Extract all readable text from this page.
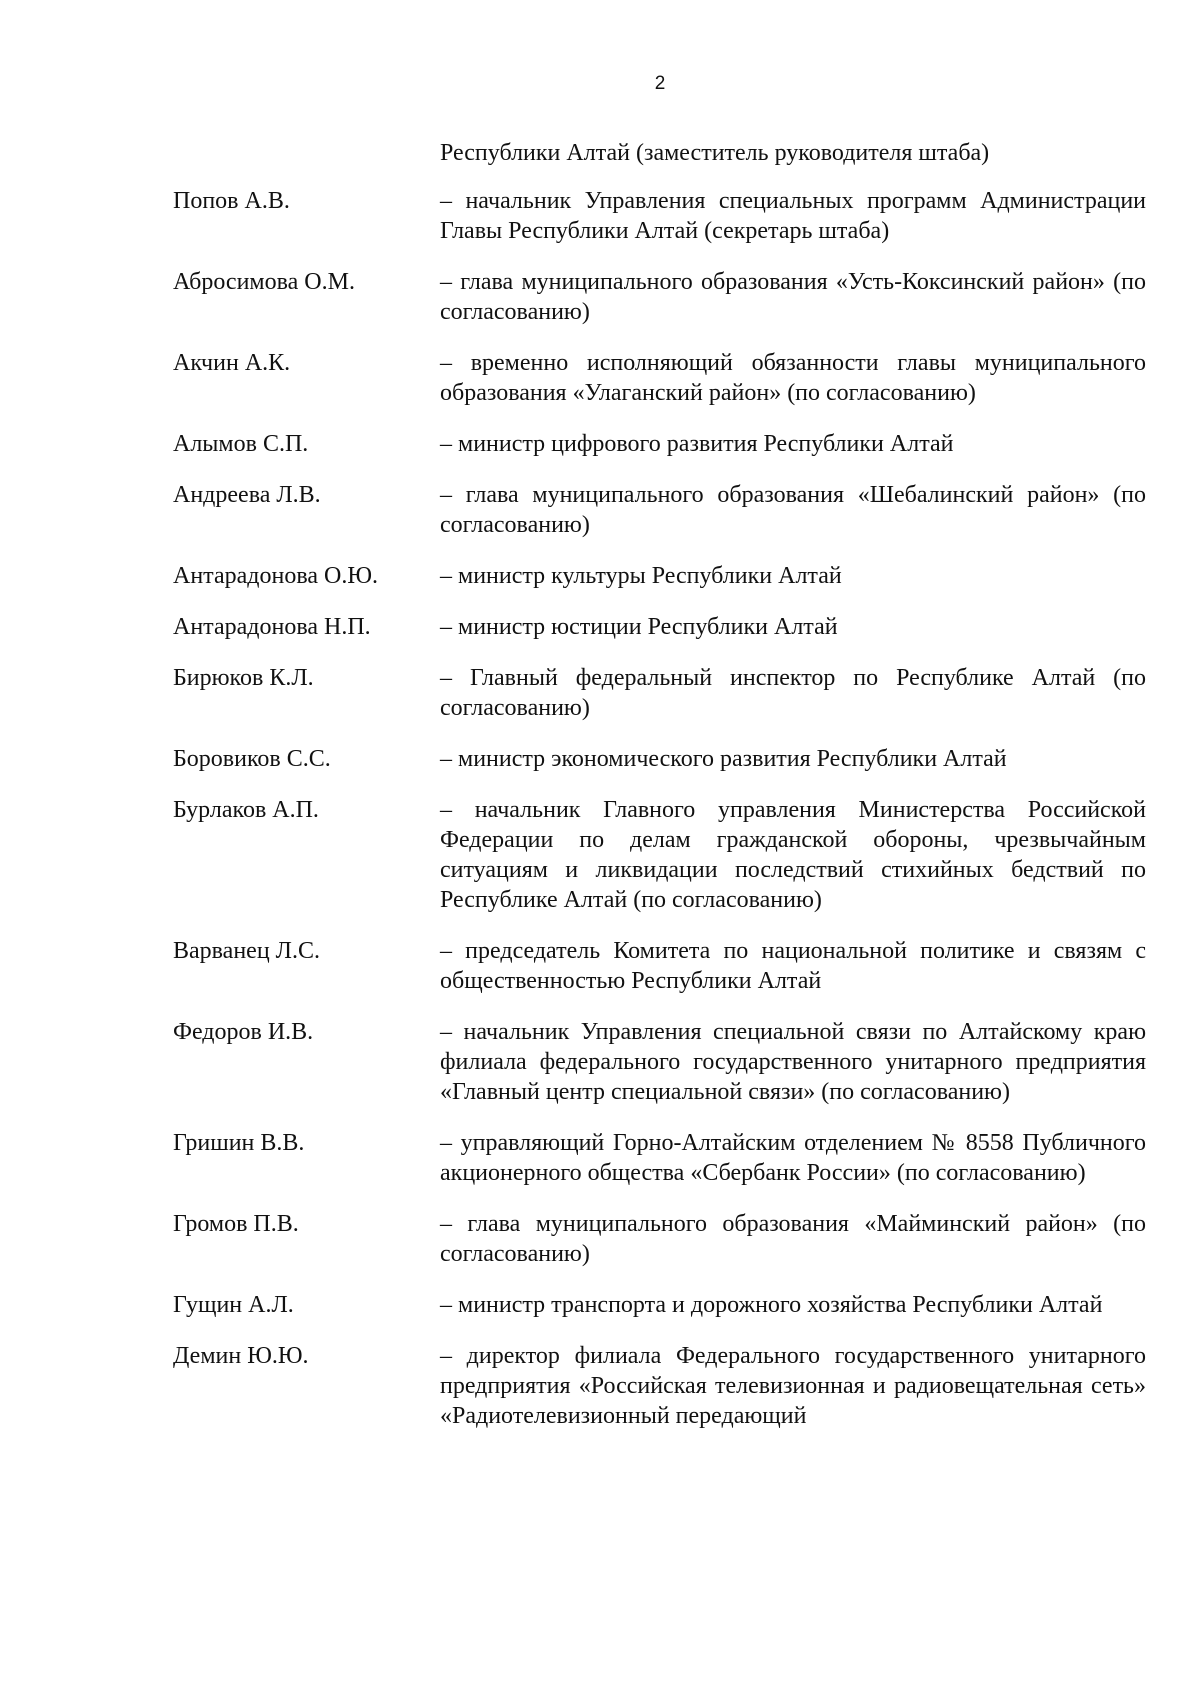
2
Республики Алтай (заместитель руководителя штаба)
Попов А.В.	– начальник Управления специальных программ Администрации Главы Республики Алтай (секретарь штаба)
Абросимова О.М.	– глава муниципального образования «Усть-Коксинский район» (по согласованию)
Акчин А.К.	– временно исполняющий обязанности главы муниципального образования «Улаганский район» (по согласованию)
Алымов С.П.	– министр цифрового развития Республики Алтай
Андреева Л.В.	– глава муниципального образования «Шебалинский район» (по согласованию)
Антарадонова О.Ю.	– министр культуры Республики Алтай
Антарадонова Н.П.	– министр юстиции Республики Алтай
Бирюков К.Л.	– Главный федеральный инспектор по Республике Алтай (по согласованию)
Боровиков С.С.	– министр экономического развития Республики Алтай
Бурлаков А.П.	– начальник Главного управления Министерства Российской Федерации по делам гражданской обороны, чрезвычайным ситуациям и ликвидации последствий стихийных бедствий по Республике Алтай (по согласованию)
Варванец Л.С.	– председатель Комитета по национальной политике и связям с общественностью Республики Алтай
Федоров И.В.	– начальник Управления специальной связи по Алтайскому краю филиала федерального государственного унитарного предприятия «Главный центр специальной связи» (по согласованию)
Гришин В.В.	– управляющий Горно-Алтайским отделением № 8558 Публичного акционерного общества «Сбербанк России» (по согласованию)
Громов П.В.	– глава муниципального образования «Майминский район» (по согласованию)
Гущин А.Л.	– министр транспорта и дорожного хозяйства Республики Алтай
Демин Ю.Ю.	– директор филиала Федерального государственного унитарного предприятия «Российская телевизионная и радиовещательная сеть» «Радиотелевизионный передающий
